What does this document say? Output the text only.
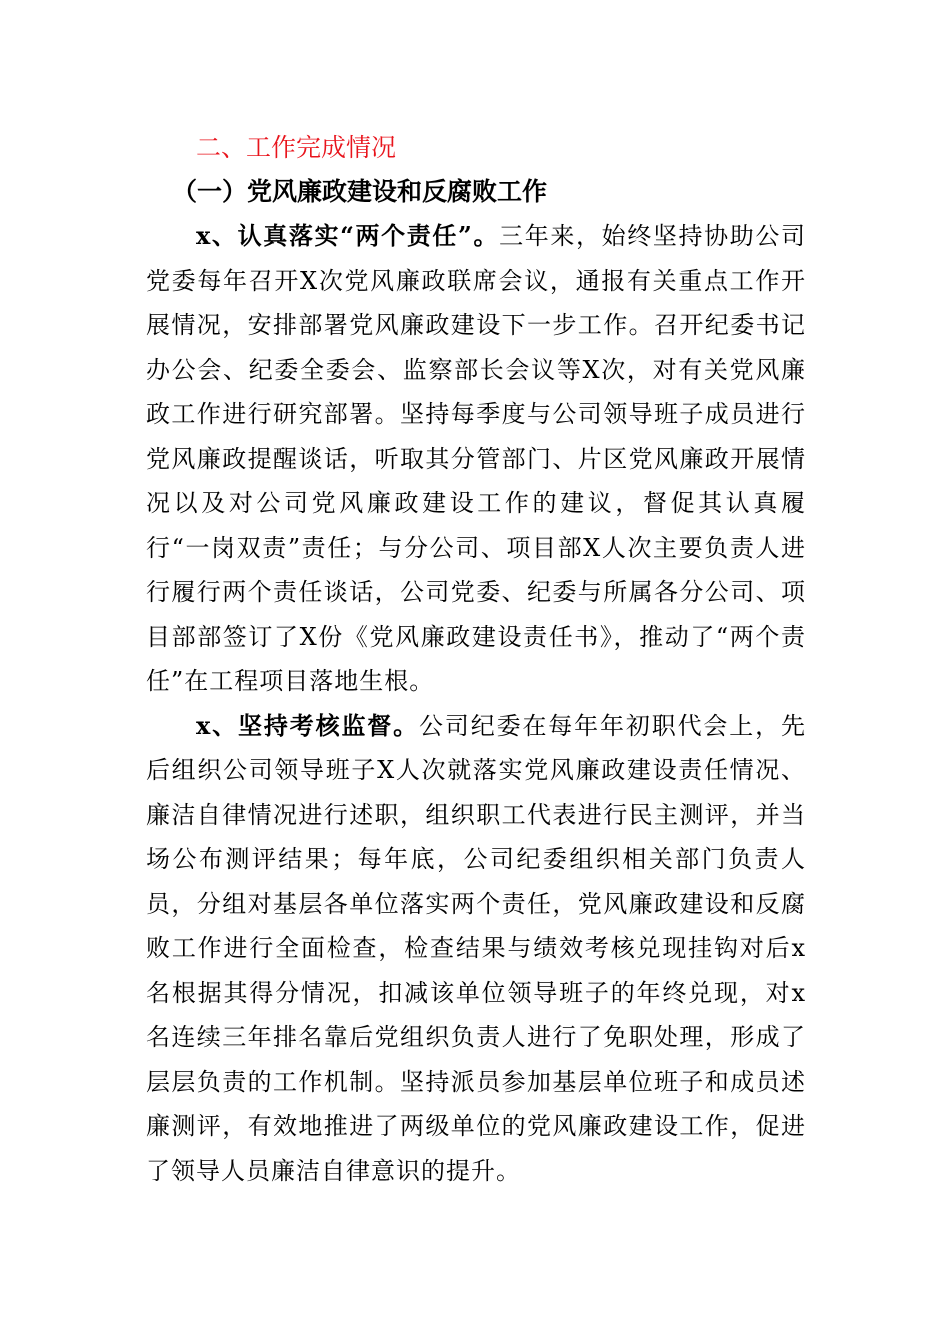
二、工作完成情况
（一）党风廉政建设和反腐败工作

x、认真落实“两个责任”。三年来，始终坚持协助公司党委每年召开X次党风廉政联席会议，通报有关重点工作开展情况，安排部署党风廉政建设下一步工作。召开纪委书记办公会、纪委全委会、监察部长会议等X次，对有关党风廉政工作进行研究部署。坚持每季度与公司领导班子成员进行党风廉政提醒谈话，听取其分管部门、片区党风廉政开展情况以及对公司党风廉政建设工作的建议，督促其认真履行“一岗双责”责任；与分公司、项目部X人次主要负责人进行履行两个责任谈话，公司党委、纪委与所属各分公司、项目部部签订了X份《党风廉政建设责任书》，推动了“两个责任”在工程项目落地生根。

x、坚持考核监督。公司纪委在每年年初职代会上，先后组织公司领导班子X人次就落实党风廉政建设责任情况、廉洁自律情况进行述职，组织职工代表进行民主测评，并当场公布测评结果；每年底，公司纪委组织相关部门负责人员，分组对基层各单位落实两个责任，党风廉政建设和反腐败工作进行全面检查，检查结果与绩效考核兑现挂钩对后x名根据其得分情况，扣减该单位领导班子的年终兑现，对x名连续三年排名靠后党组织负责人进行了免职处理，形成了层层负责的工作机制。坚持派员参加基层单位班子和成员述廉测评，有效地推进了两级单位的党风廉政建设工作，促进了领导人员廉洁自律意识的提升。
